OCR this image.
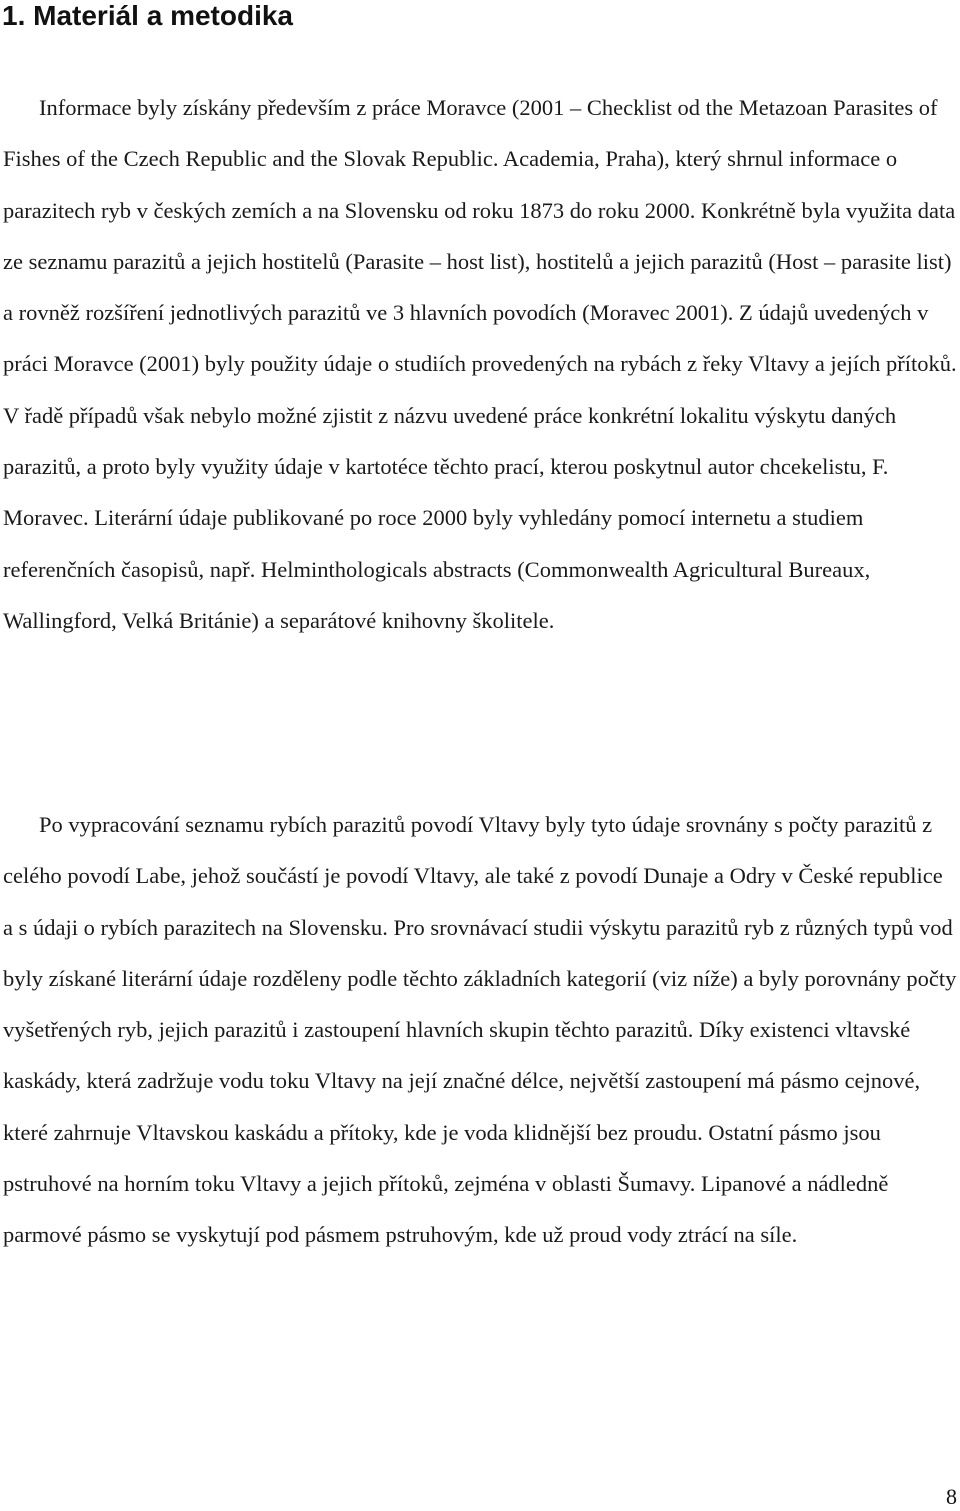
1. Materiál a metodika

Informace byly získány především z práce Moravce (2001 – Checklist od the Metazoan Parasites of Fishes of the Czech Republic and the Slovak Republic. Academia, Praha), který shrnul informace o parazitech ryb v českých zemích a na Slovensku od roku 1873 do roku 2000. Konkrétně byla využita data ze seznamu parazitů a jejich hostitelů (Parasite – host list), hostitelů a jejich parazitů (Host – parasite list) a rovněž rozšíření jednotlivých parazitů ve 3 hlavních povodích (Moravec 2001). Z údajů uvedených v práci Moravce (2001) byly použity údaje o studiích provedených na rybách z řeky Vltavy a jejích přítoků. V řadě případů však nebylo možné zjistit z názvu uvedené práce konkrétní lokalitu výskytu daných parazitů, a proto byly využity údaje v kartotéce těchto prací, kterou poskytnul autor chcekelistu, F. Moravec. Literární údaje publikované po roce 2000 byly vyhledány pomocí internetu a studiem referenčních časopisů, např. Helminthologicals abstracts (Commonwealth Agricultural Bureaux, Wallingford, Velká Británie) a separátové knihovny školitele.

Po vypracování seznamu rybích parazitů povodí Vltavy byly tyto údaje srovnány s počty parazitů z celého povodí Labe, jehož součástí je povodí Vltavy, ale také z povodí Dunaje a Odry v České republice a s údaji o rybích parazitech na Slovensku. Pro srovnávací studii výskytu parazitů ryb z různých typů vod byly získané literární údaje rozděleny podle těchto základních kategorií (viz níže) a byly porovnány počty vyšetřených ryb, jejich parazitů i zastoupení hlavních skupin těchto parazitů. Díky existenci vltavské kaskády, která zadržuje vodu toku Vltavy na její značné délce, největší zastoupení má pásmo cejnové, které zahrnuje Vltavskou kaskádu a přítoky, kde je voda klidnější bez proudu. Ostatní pásmo jsou pstruhové na horním toku Vltavy a jejich přítoků, zejména v oblasti Šumavy. Lipanové a nádledně parmové pásmo se vyskytují pod pásmem pstruhovým, kde už proud vody ztrácí na síle.

8
